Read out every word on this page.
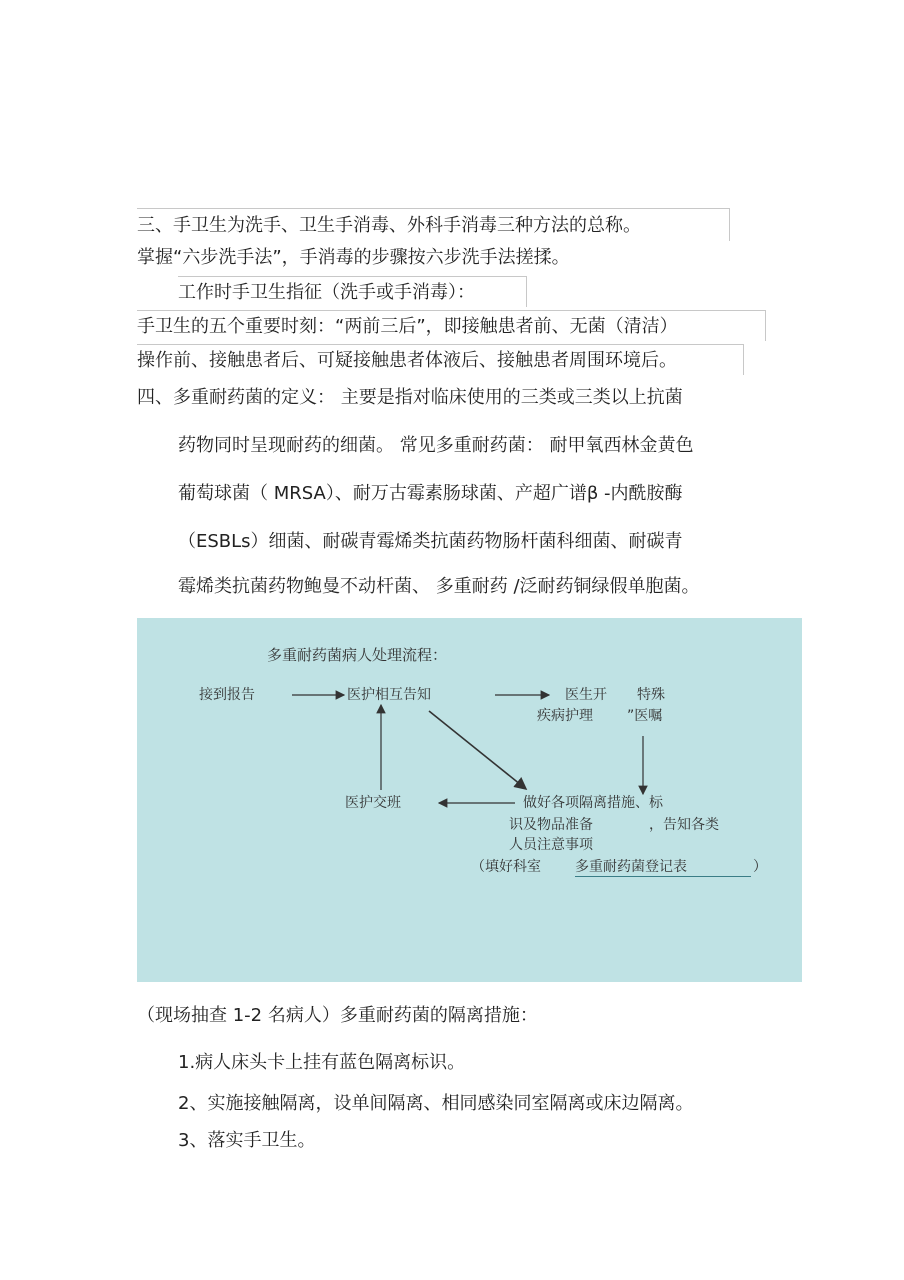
三、手卫生为洗手、卫生手消毒、外科手消毒三种方法的总称。
掌握“六步洗手法”，手消毒的步骤按六步洗手法搓揉。
工作时手卫生指征（洗手或手消毒）：
手卫生的五个重要时刻：“两前三后”，即接触患者前、无菌（清洁）
操作前、接触患者后、可疑接触患者体液后、接触患者周围环境后。
四、多重耐药菌的定义： 主要是指对临床使用的三类或三类以上抗菌
药物同时呈现耐药的细菌。 常见多重耐药菌： 耐甲氧西林金黄色
葡萄球菌（ MRSA）、耐万古霉素肠球菌、产超广谱β -内酰胺酶
（ESBLs）细菌、耐碳青霉烯类抗菌药物肠杆菌科细菌、耐碳青
霉烯类抗菌药物鲍曼不动杆菌、 多重耐药 /泛耐药铜绿假单胞菌。
多重耐药菌病人处理流程：
接到报告	医护相互告知	医生开
疾病护理
特殊
”医嘱
医护交班	做好各项隔离措施、标
识及物品准备	，告知各类
人员注意事项
（填好科室 多重耐药菌登记表	）
（现场抽查 1-2 名病人）多重耐药菌的隔离措施：
1.病人床头卡上挂有蓝色隔离标识。
2、实施接触隔离，设单间隔离、相同感染同室隔离或床边隔离。
3、落实手卫生。
